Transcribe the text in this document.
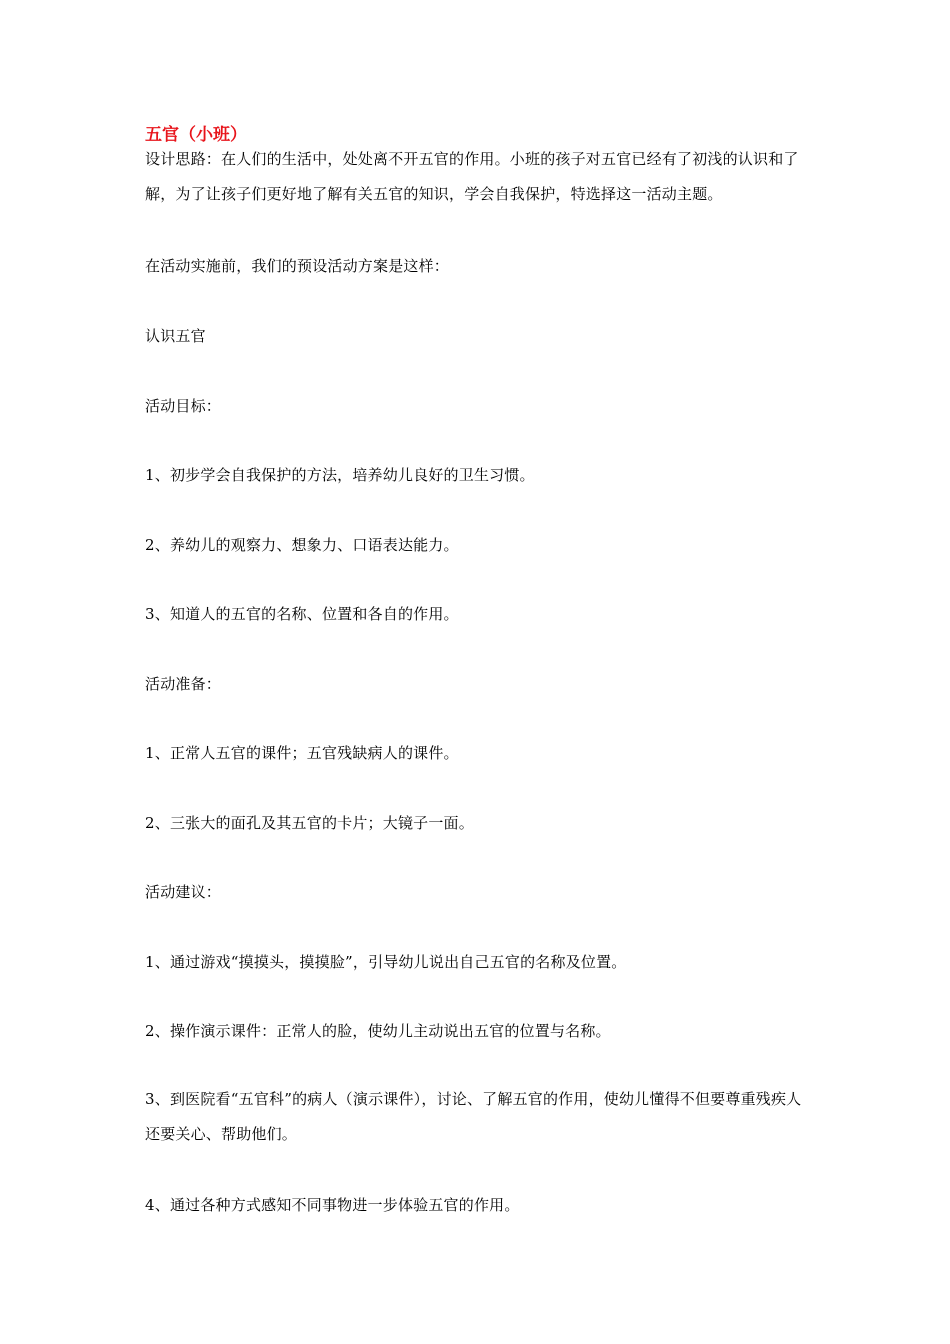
五官（小班）
设计思路：在人们的生活中，处处离不开五官的作用。小班的孩子对五官已经有了初浅的认识和了解，为了让孩子们更好地了解有关五官的知识，学会自我保护，特选择这一活动主题。
在活动实施前，我们的预设活动方案是这样：
认识五官
活动目标：
1、初步学会自我保护的方法，培养幼儿良好的卫生习惯。
2、养幼儿的观察力、想象力、口语表达能力。
3、知道人的五官的名称、位置和各自的作用。
活动准备：
1、正常人五官的课件；五官残缺病人的课件。
2、三张大的面孔及其五官的卡片；大镜子一面。
活动建议：
1、通过游戏“摸摸头，摸摸脸”，引导幼儿说出自己五官的名称及位置。
2、操作演示课件：正常人的脸，使幼儿主动说出五官的位置与名称。
3、到医院看“五官科”的病人（演示课件），讨论、了解五官的作用，使幼儿懂得不但要尊重残疾人还要关心、帮助他们。
4、通过各种方式感知不同事物进一步体验五官的作用。
